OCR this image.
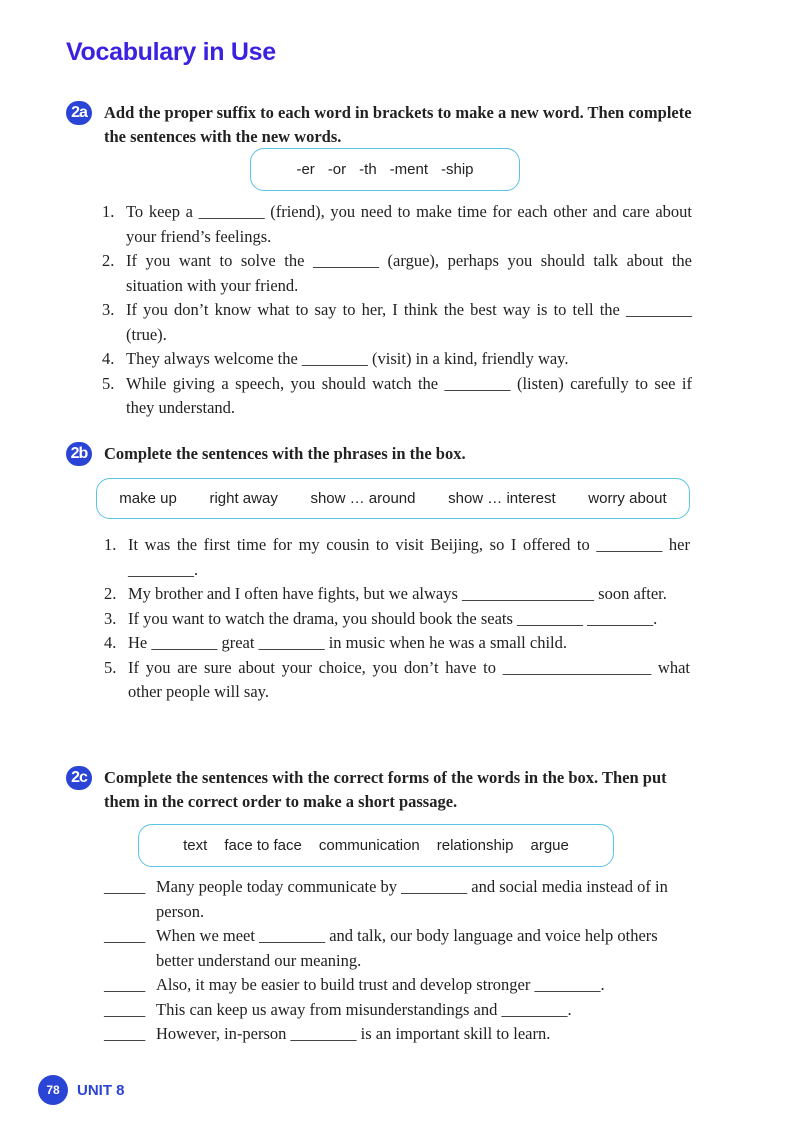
Vocabulary in Use
2a	Add the proper suffix to each word in brackets to make a new word. Then complete the sentences with the new words.
-er -or -th -ment -ship
1. To keep a ________ (friend), you need to make time for each other and care about your friend’s feelings.
2. If you want to solve the ________ (argue), perhaps you should talk about the situation with your friend.
3. If you don’t know what to say to her, I think the best way is to tell the ________ (true).
4. They always welcome the ________ (visit) in a kind, friendly way.
5. While giving a speech, you should watch the ________ (listen) carefully to see if they understand.
2b Complete the sentences with the phrases in the box.
make up right away show … around show … interest worry about
1. It was the first time for my cousin to visit Beijing, so I offered to ________ her ________.
2. My brother and I often have fights, but we always ________________ soon after.
3. If you want to watch the drama, you should book the seats ________ ________.
4. He ________ great ________ in music when he was a small child.
5. If you are sure about your choice, you don’t have to __________________ what other people will say.
2c	Complete the sentences with the correct forms of the words in the box. Then put them in the correct order to make a short passage.
text face to face communication relationship argue
_____ Many people today communicate by ________ and social media instead of in person.
_____ When we meet ________ and talk, our body language and voice help others better understand our meaning.
_____ Also, it may be easier to build trust and develop stronger ________.
_____ This can keep us away from misunderstandings and ________.
_____ However, in-person ________ is an important skill to learn.
78	UNIT 8
